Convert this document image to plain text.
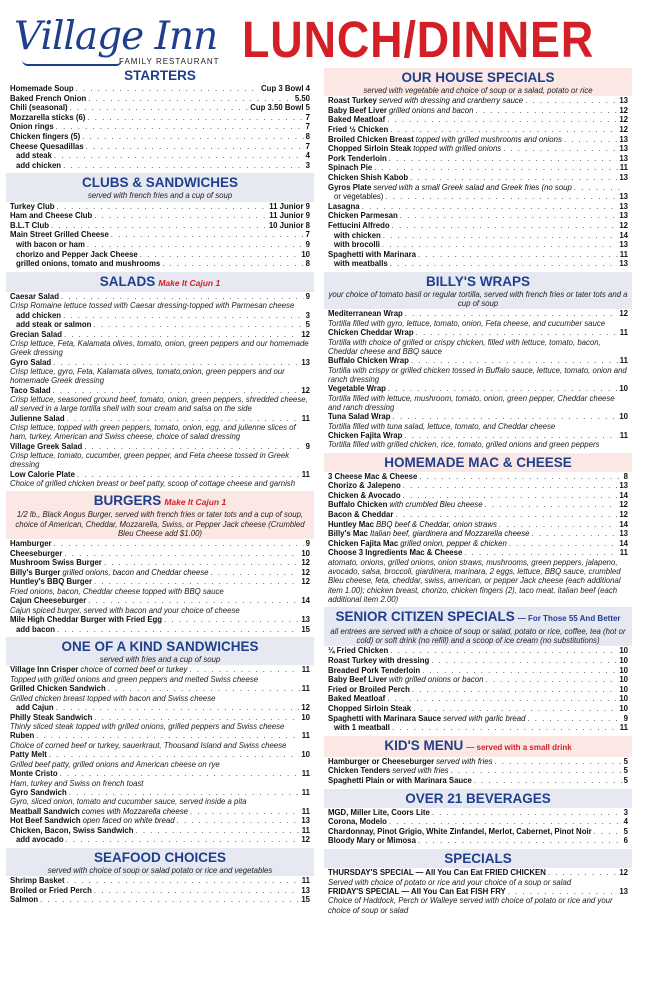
Village Inn
FAMILY RESTAURANT LUNCH/DINNER
STARTERS
Homemade Soup . . .	Cup 3 Bowl 4
Baked French Onion . . .	5.50
Chili (seasonal) . . .	Cup 3.50 Bowl 5
Mozzarella sticks (6) . . .	7
Onion rings . . .	7
Chicken fingers (5) . . .	8
Cheese Quesadillas . . .	7
add steak . . .	4
add chicken . . .	3
CLUBS & SANDWICHES
served with french fries and a cup of soup
Turkey Club . . .	11 Junior 9
Ham and Cheese Club . . .	11 Junior 9
B.L.T Club . . .	10 Junior 8
Main Street Grilled Cheese . . .	7
with bacon or ham . . .	9
chorizo and Pepper Jack Cheese . . .	10
grilled onions, tomato and mushrooms . . .	8
SALADS Make It Cajun 1
Caesar Salad . . .	9
Crisp Romaine lettuce tossed with Caesar dressing-topped with Parmesan cheese
add chicken . . .	3
add steak or salmon . . .	5
Grecian Salad . . .	12
Crisp lettuce, Feta, Kalamata olives, tomato, onion, green peppers and our homemade Greek dressing
Gyro Salad . . .	13
Crisp lettuce, gyro, Feta, Kalamata olives, tomato,onion, green peppers and our homemade Greek dressing
Taco Salad . . .	12
Crisp lettuce, seasoned ground beef, tomato, onion, green peppers, shredded cheese, all served in a large tortilla shell with sour cream and salsa on the side
Julienne Salad . . .	11
Crisp lettuce, topped with green peppers, tomato, onion, egg, and julienne slices of ham, turkey, American and Swiss cheese, choice of salad dressing
Village Greek Salad . . .	9
Crisp lettuce, tomato, cucumber, green pepper, and Feta cheese tossed in Greek dressing
Low Calorie Plate . . .	11
Choice of grilled chicken breast or beef patty, scoop of cottage cheese and garnish
BURGERS Make It Cajun 1
1/2 lb., Black Angus Burger, served with french fries or tater tots and a cup of soup, choice of American, Cheddar, Mozzarella, Swiss, or Pepper Jack cheese (Crumbled Bleu Cheese add $1.00)
Hamburger . . .	9
Cheeseburger . . .	10
Mushroom Swiss Burger . . .	12
Billy's Burger grilled onions, bacon and Cheddar cheese . . .	12
Huntley's BBQ Burger . . .	12
Fried onions, bacon, Cheddar cheese topped with BBQ sauce
Cajun Cheeseburger . . .	14
Cajun spiced burger, served with bacon and your choice of cheese
Mile High Cheddar Burger with Fried Egg . . .	13
add bacon . . .	15
ONE OF A KIND SANDWICHES
served with fries and a cup of soup
Village Inn Crisper choice of corned beef or turkey . . .	11
Topped with grilled onions and green peppers and melted Swiss cheese
Grilled Chicken Sandwich . . .	11
Grilled chicken breast topped with bacon and Swiss cheese
add Cajun . . .	12
Philly Steak Sandwich . . .	10
Thinly sliced steak topped with grilled onions, grilled peppers and Swiss cheese
Ruben . . .	11
Choice of corned beef or turkey, sauerkraut, Thousand Island and Swiss cheese
Patty Melt . . .	10
Grilled beef patty, grilled onions and American cheese on rye
Monte Cristo . . .	11
Ham, turkey and Swiss on french toast
Gyro Sandwich . . .	11
Gyro, sliced onion, tomato and cucumber sauce, served inside a pita
Meatball Sandwich comes with Mozzarella cheese . . .	11
Hot Beef Sandwich open faced on white bread . . .	13
Chicken, Bacon, Swiss Sandwich . . .	11
add avocado . . .	12
SEAFOOD CHOICES
served with choice of soup or salad potato or rice and vegetables
Shrimp Basket . . .	11
Broiled or Fried Perch . . .	13
Salmon . . .	15
OUR HOUSE SPECIALS
served with vegetable and choice of soup or a salad, potato or rice
Roast Turkey served with dressing and cranberry sauce . . .	13
Baby Beef Liver grilled onions and bacon . . .	12
Baked Meatloaf . . .	12
Fried ½ Chicken . . .	12
Broiled Chicken Breast topped with grilled mushrooms and onions . . .	13
Chopped Sirloin Steak topped with grilled onions . . .	13
Pork Tenderloin . . .	13
Spinach Pie . . .	11
Chicken Shish Kabob . . .	13
Gyros Plate served with a small Greek salad and Greek fries (no soup
. . .
or vegetables) . . .	13
Lasagna . . .	13
Chicken Parmesan . . .	13
Fettucini Alfredo . . .	12
with chicken . . .	14
with brocolli . . .	13
Spaghetti with Marinara . . .	11
with meatballs . . .	13
BILLY'S WRAPS
your choice of tomato basil or regular tortilla, served with french fries or tater tots and a cup of soup
Mediterranean Wrap . . .	12
Tortilla filled with gyro, lettuce, tomato, onion, Feta cheese, and cucumber sauce
Chicken Cheddar Wrap . . .	11
Tortilla with choice of grilled or crispy chicken, filled with lettuce, tomato, bacon, Cheddar cheese and BBQ sauce
Buffalo Chicken Wrap . . .	11
Tortilla with crispy or grilled chicken tossed in Buffalo sauce, lettuce, tomato, onion and ranch dressing
Vegetable Wrap . . .	10
Tortilla filled with lettuce, mushroom, tomato, onion, green pepper, Cheddar cheese and ranch dressing
Tuna Salad Wrap . . .	10
Tortilla filled with tuna salad, lettuce, tomato, and Cheddar cheese
Chicken Fajita Wrap . . .	11
Tortilla filled with grilled chicken, rice, tomato, grilled onions and green peppers
HOMEMADE MAC & CHEESE
3 Cheese Mac & Cheese . . .	8
Chorizo & Jalepeno . . .	13
Chicken & Avocado . . .	14
Buffalo Chicken with crumbled Bleu cheese . . .	12
Bacon & Cheddar . . .	12
Huntley Mac BBQ beef & Cheddar, onion straws . . .	14
Billy's Mac Italian beef, giardinera and Mozzarella cheese . . .	13
Chicken Fajita Mac grilled onion, pepper & chicken . . .	14
Choose 3 Ingredients Mac & Cheese . . .	11
atomato, onions, grilled onions, onion straws, mushrooms, green peppers, jalapeno, avocado, salsa, broccoli, giardinera, marinara, 2 eggs, lettuce, BBQ sauce, crumbled Bleu cheese, feta, cheddar, swiss, american, or pepper Jack cheese (each additional item 1.00); chicken breast, chorizo, chicken fingers (2), taco meat, italian beef (each additional item 2.00)
SENIOR CITIZEN SPECIALS — For Those 55 And Better
all entrees are served with a choice of soup or salad, potato or rice, coffee, tea (hot or cold) or soft drink (no refill) and a scoop of ice cream (no substitutions)
¼ Fried Chicken . . .	10
Roast Turkey with dressing . . .	10
Breaded Pork Tenderloin . . .	10
Baby Beef Liver with grilled onions or bacon . . .	10
Fried or Broiled Perch . . .	10
Baked Meatloaf . . .	10
Chopped Sirloin Steak . . .	10
Spaghetti with Marinara Sauce served with garlic bread . . .	9
with 1 meatball . . .	11
KID'S MENU — served with a small drink
Hamburger or Cheeseburger served with fries . . .	5
Chicken Tenders served with fries . . .	5
Spaghetti Plain or with Marinara Sauce . . .	5
OVER 21 BEVERAGES
MGD, Miller Lite, Coors Lite . . .	3
Corona, Modelo . . .	4
Chardonnay, Pinot Grigio, White Zinfandel, Merlot, Cabernet, Pinot Noir . . .	5
Bloody Mary or Mimosa . . .	6
SPECIALS
THURSDAY'S SPECIAL — All You Can Eat FRIED CHICKEN . . .	12
Served with choice of potato or rice and your choice of a soup or salad
FRIDAY'S SPECIAL — All You Can Eat FISH FRY . . .	13
Choice of Haddock, Perch or Walleye served with choice of potato or rice and your choice of soup or salad
